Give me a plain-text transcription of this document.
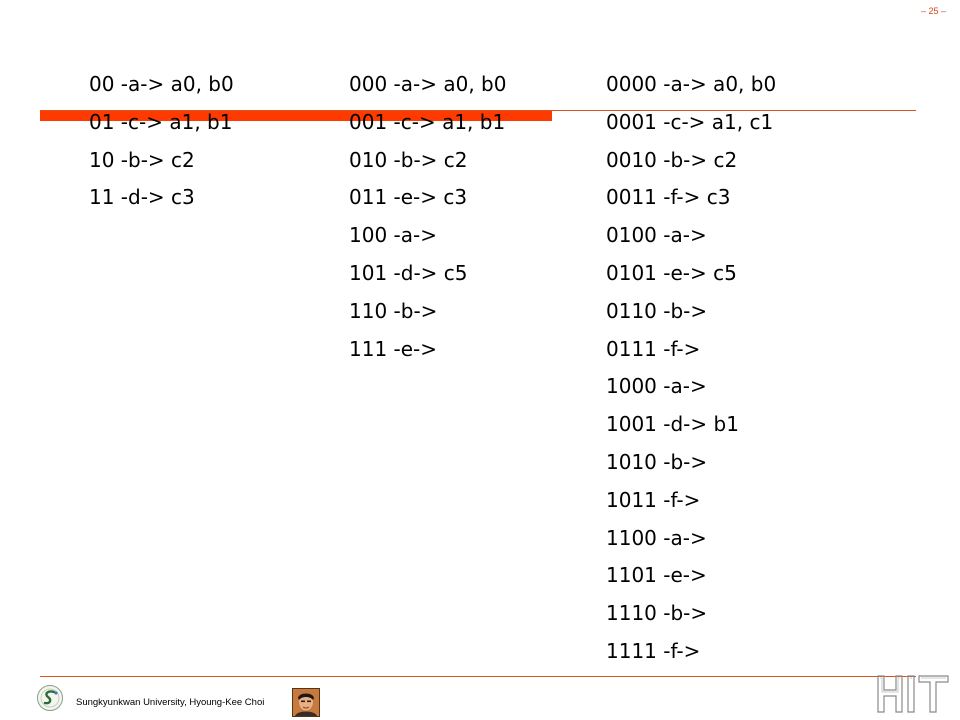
– 25 –
00 -a-> a0, b0
01 -c-> a1, b1
10 -b-> c2
11 -d-> c3
000 -a-> a0, b0
001 -c-> a1, b1
010 -b-> c2
011 -e-> c3
100 -a->
101 -d-> c5
110 -b->
111 -e->
0000 -a-> a0, b0
0001 -c-> a1, c1
0010 -b-> c2
0011 -f-> c3
0100 -a->
0101 -e-> c5
0110 -b->
0111 -f->
1000 -a->
1001 -d-> b1
1010 -b->
1011 -f->
1100 -a->
1101 -e->
1110 -b->
1111 -f->
Sungkyunkwan University, Hyoung-Kee Choi
